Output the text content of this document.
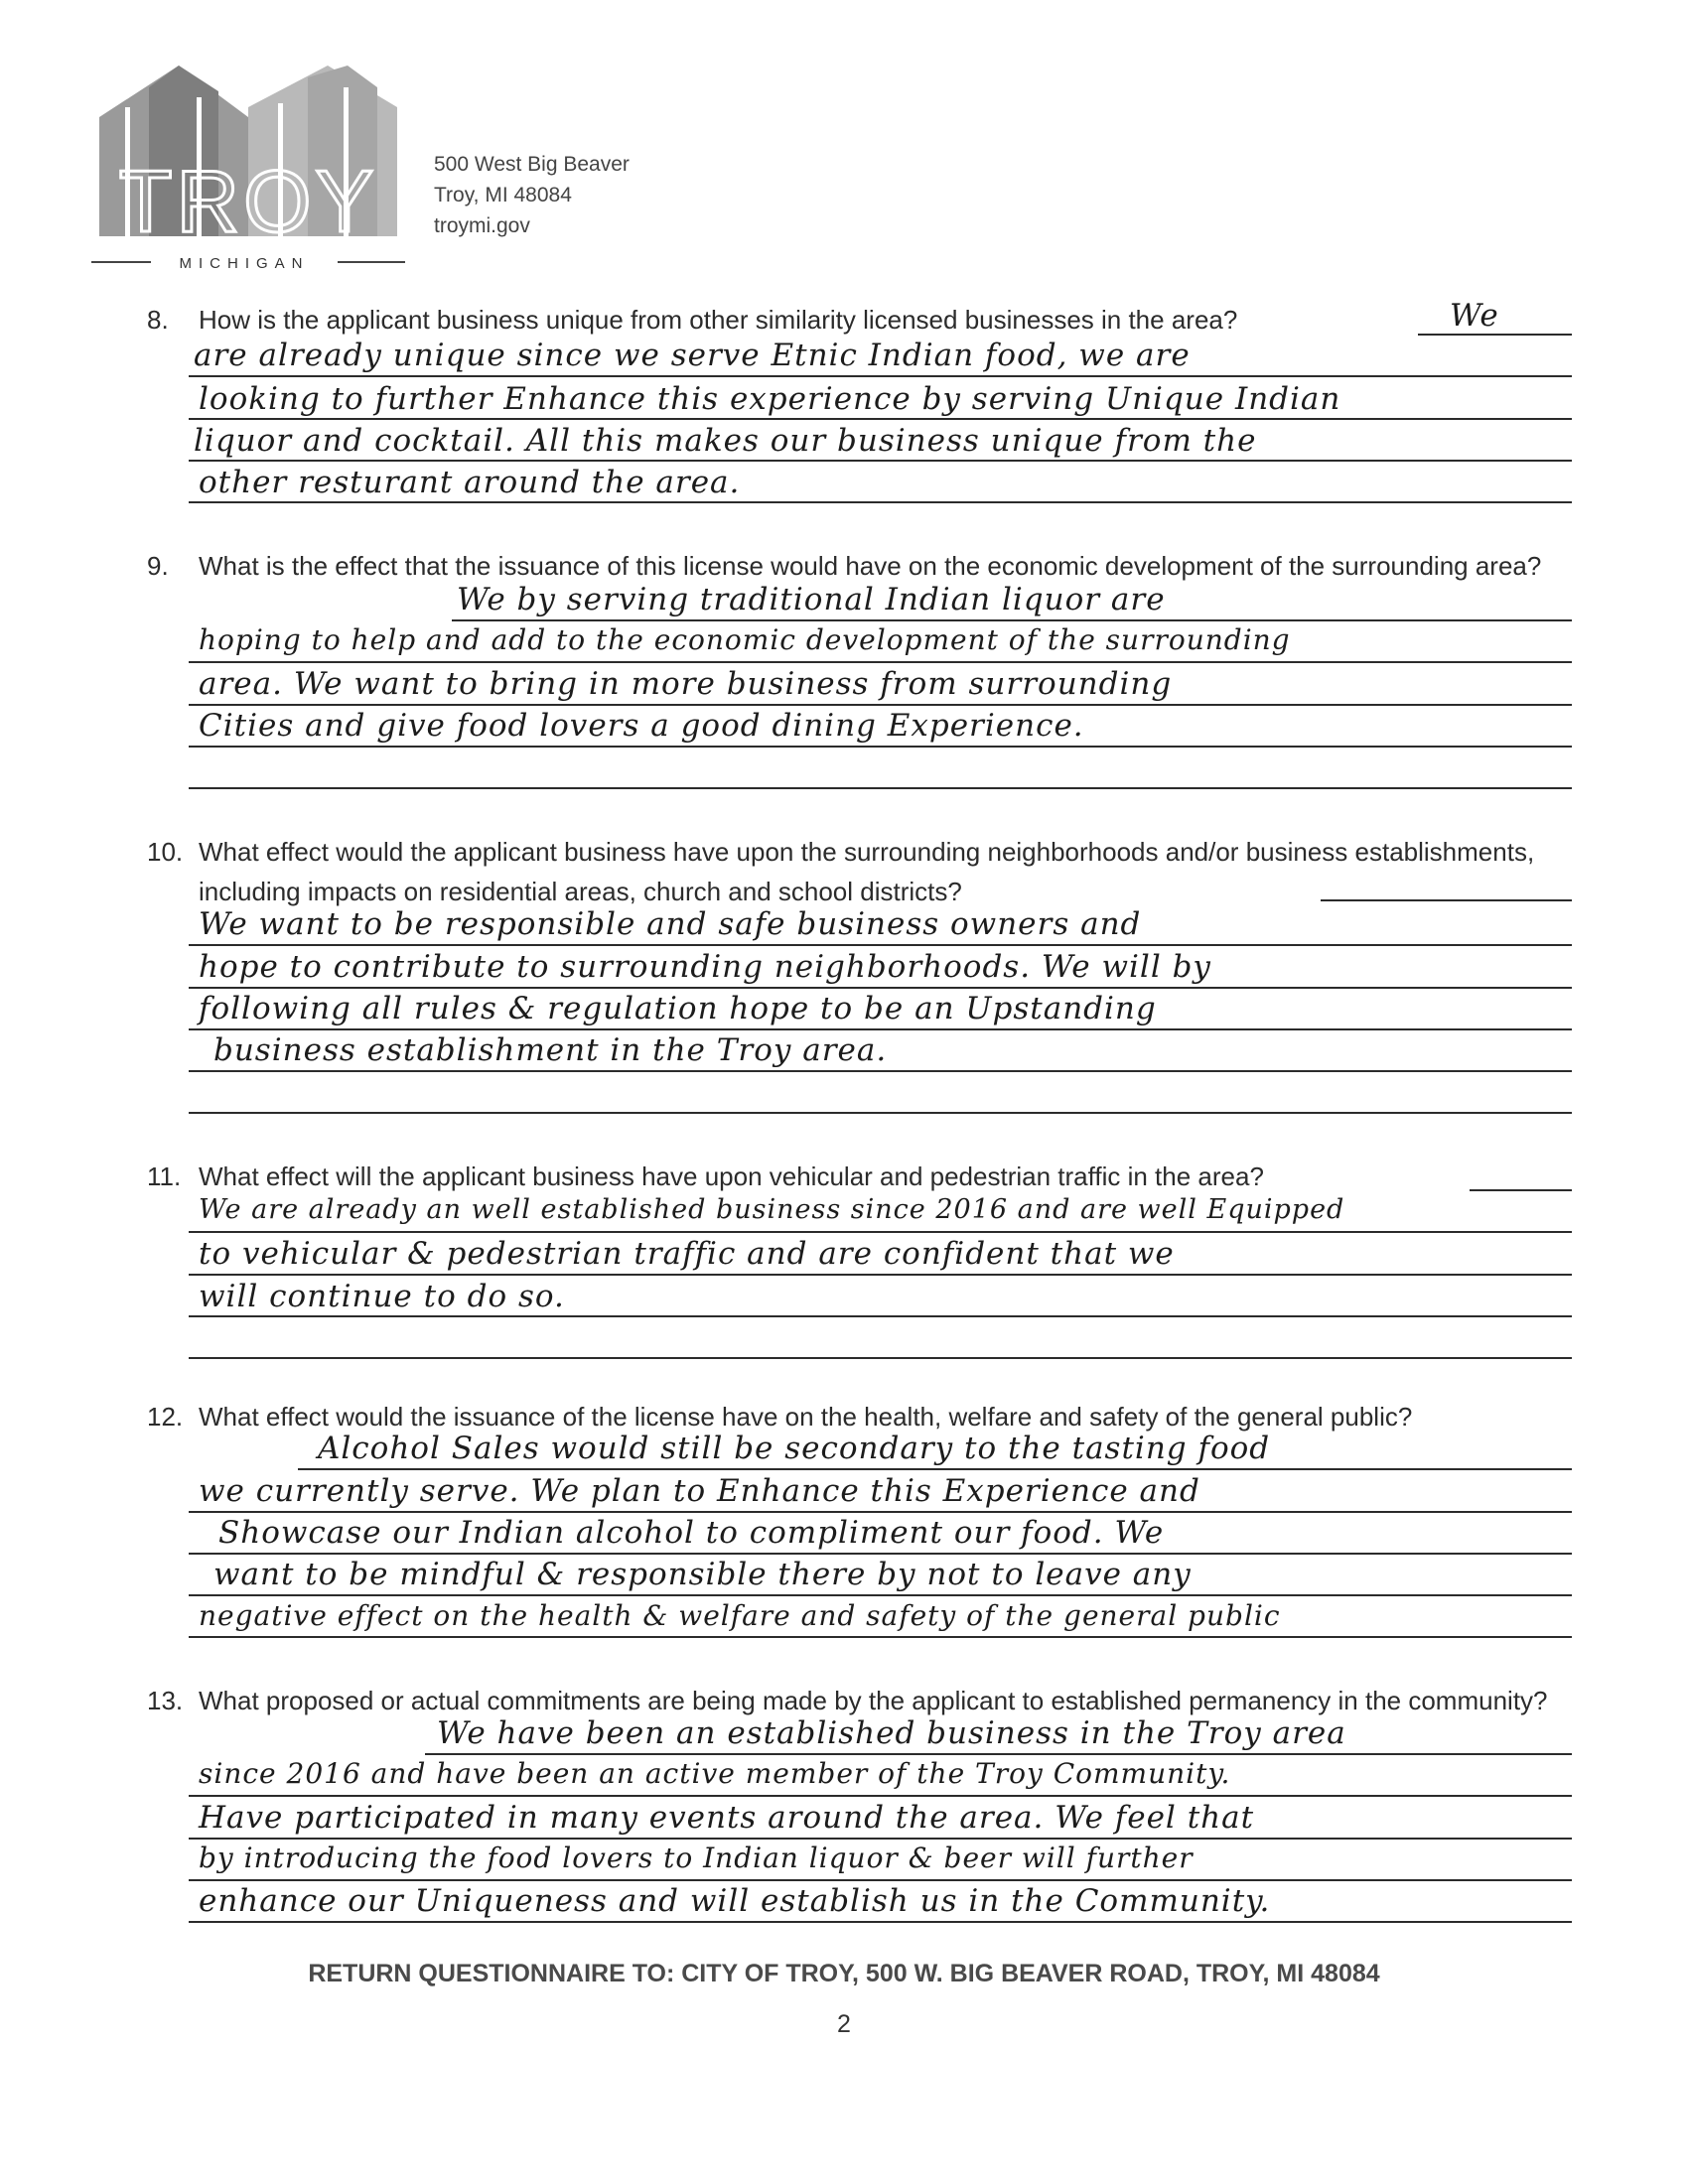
TROY
MICHIGAN
500 West Big Beaver
Troy, MI 48084
troymi.gov
8.	How is the applicant business unique from other similarity licensed businesses in the area?	We
are already unique since we serve Etnic Indian food, we are
looking to further Enhance this experience by serving Unique Indian
liquor and cocktail. All this makes our business unique from the
other resturant around the area.
9.	What is the effect that the issuance of this license would have on the economic development of the surrounding area?
We by serving traditional Indian liquor are
hoping to help and add to the economic development of the surrounding
area. We want to bring in more business from surrounding
Cities and give food lovers a good dining Experience.
10. What effect would the applicant business have upon the surrounding neighborhoods and/or business establishments, including impacts on residential areas, church and school districts?
We want to be responsible and safe business owners and
hope to contribute to surrounding neighborhoods. We will by
following all rules & regulation hope to be an Upstanding
business establishment in the Troy area.
11. What effect will the applicant business have upon vehicular and pedestrian traffic in the area?
We are already an well established business since 2016 and are well Equipped
to vehicular & pedestrian traffic and are confident that we
will continue to do so.
12. What effect would the issuance of the license have on the health, welfare and safety of the general public?
Alcohol Sales would still be secondary to the tasting food
we currently serve. We plan to Enhance this Experience and
Showcase our Indian alcohol to compliment our food. We
want to be mindful & responsible there by not to leave any
negative effect on the health & welfare and safety of the general public
13. What proposed or actual commitments are being made by the applicant to established permanency in the community?
We have been an established business in the Troy area
since 2016 and have been an active member of the Troy Community.
Have participated in many events around the area. We feel that
by introducing the food lovers to Indian liquor & beer will further
enhance our Uniqueness and will establish us in the Community.
RETURN QUESTIONNAIRE TO: CITY OF TROY, 500 W. BIG BEAVER ROAD, TROY, MI 48084
2
